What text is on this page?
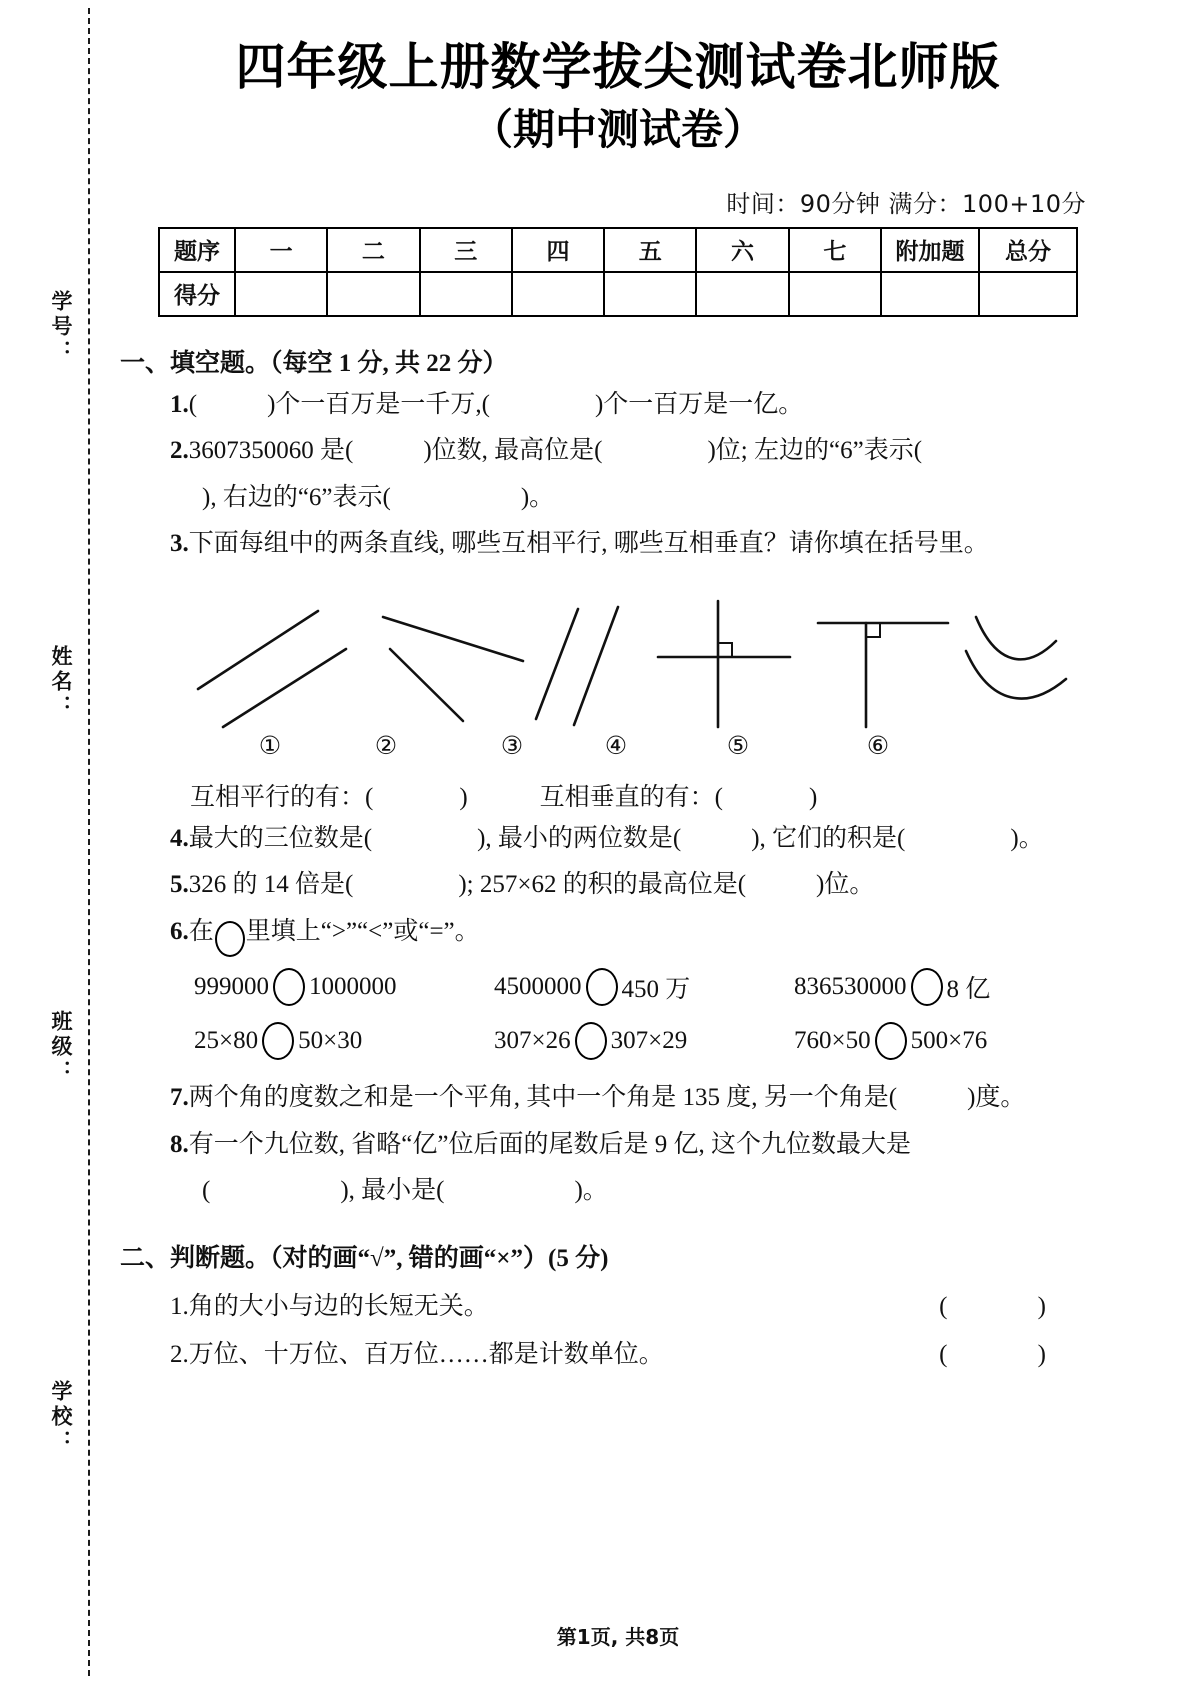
学号：
姓名：
班级：
学校：
四年级上册数学拔尖测试卷北师版
（期中测试卷）
时间：90分钟 满分：100+10分
题序	一	二	三	四	五	六	七	附加题	总分
得分									
一、填空题。（每空 1 分, 共 22 分）
1.(	)个一百万是一千万,(	)个一百万是一亿。
2.3607350060 是(	)位数, 最高位是(	)位; 左边的“6”表示(
), 右边的“6”表示(	)。
3.下面每组中的两条直线, 哪些互相平行, 哪些互相垂直？请你填在括号里。
①	②	③	④	⑤	⑥
互相平行的有：(	)	互相垂直的有：(	)
4.最大的三位数是(	), 最小的两位数是(	), 它们的积是(	)。
5.326 的 14 倍是(	); 257×62 的积的最高位是(	)位。
6.在 里填上“>”“<”或“=”。
999000 1000000	4500000 450 万	836530000 8 亿
25×80 50×30	307×26 307×29	760×50 500×76
7.两个角的度数之和是一个平角, 其中一个角是 135 度, 另一个角是(	)度。
8.有一个九位数, 省略“亿”位后面的尾数后是 9 亿, 这个九位数最大是
(	), 最小是(	)。
二、判断题。（对的画“√”, 错的画“×”）(5 分)
1.角的大小与边的长短无关。	( )
2.万位、十万位、百万位……都是计数单位。	( )
第1页, 共8页
